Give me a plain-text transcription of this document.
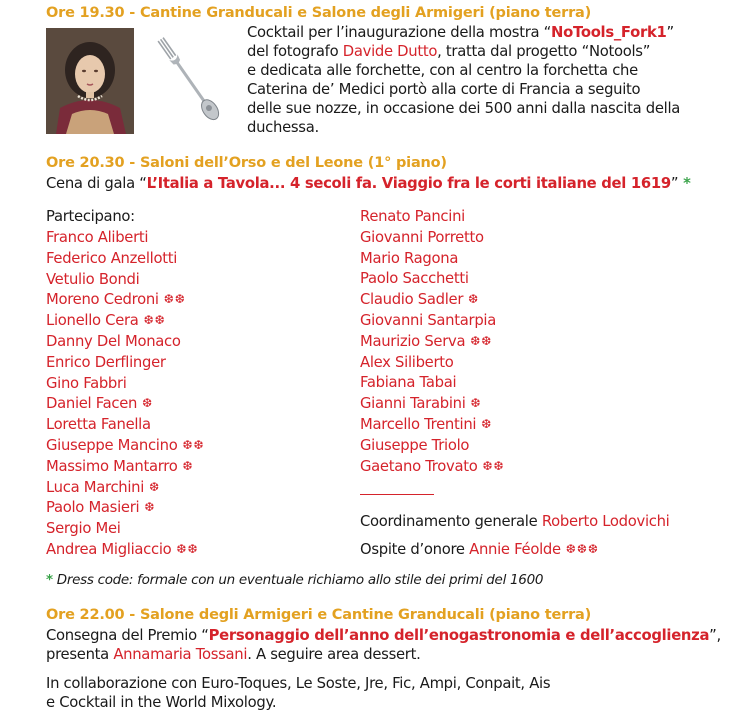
Ore 19.30 - Cantine Granducali e Salone degli Armigeri (piano terra)
Cocktail per l’inaugurazione della mostra “NoTools_Fork1”
del fotografo Davide Dutto, tratta dal progetto “Notools”
e dedicata alle forchette, con al centro la forchetta che
Caterina de’ Medici portò alla corte di Francia a seguito
delle sue nozze, in occasione dei 500 anni dalla nascita della
duchessa.
Ore 20.30 - Saloni dell’Orso e del Leone (1° piano)
Cena di gala “L’Italia a Tavola... 4 secoli fa. Viaggio fra le corti italiane del 1619” *
Partecipano:
Franco Aliberti
Federico Anzellotti
Vetulio Bondi
Moreno Cedroni ❆❆
Lionello Cera ❆❆
Danny Del Monaco
Enrico Derflinger
Gino Fabbri
Daniel Facen ❆
Loretta Fanella
Giuseppe Mancino ❆❆
Massimo Mantarro ❆
Luca Marchini ❆
Paolo Masieri ❆
Sergio Mei
Andrea Migliaccio ❆❆
Renato Pancini
Giovanni Porretto
Mario Ragona
Paolo Sacchetti
Claudio Sadler ❆
Giovanni Santarpia
Maurizio Serva ❆❆
Alex Siliberto
Fabiana Tabai
Gianni Tarabini ❆
Marcello Trentini ❆
Giuseppe Triolo
Gaetano Trovato ❆❆
Coordinamento generale Roberto Lodovichi
Ospite d’onore Annie Féolde ❆❆❆
* Dress code: formale con un eventuale richiamo allo stile dei primi del 1600
Ore 22.00 - Salone degli Armigeri e Cantine Granducali (piano terra)
Consegna del Premio “Personaggio dell’anno dell’enogastronomia e dell’accoglienza”,
presenta Annamaria Tossani. A seguire area dessert.
In collaborazione con Euro-Toques, Le Soste, Jre, Fic, Ampi, Conpait, Ais
e Cocktail in the World Mixology.
